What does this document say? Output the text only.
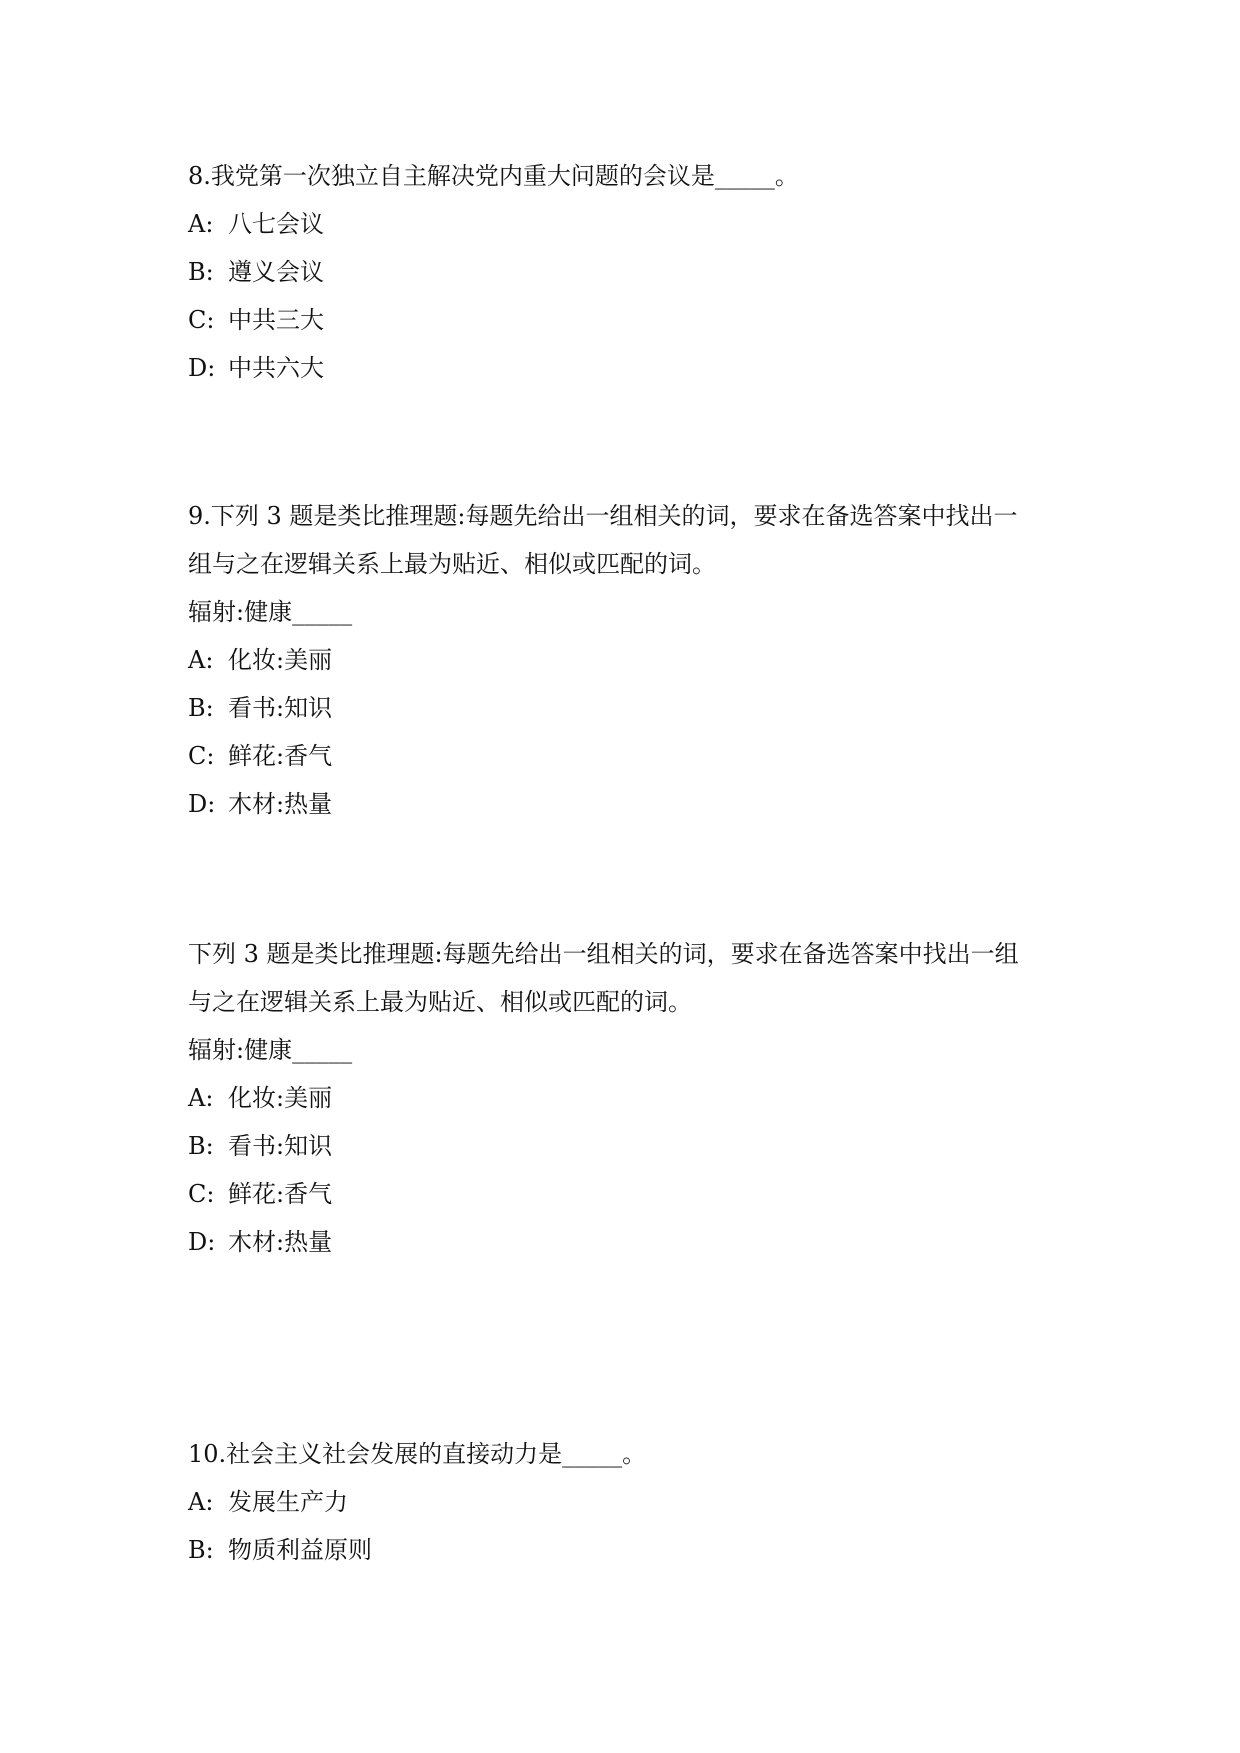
8.我党第一次独立自主解决党内重大问题的会议是_____。

A: 八七会议
B: 遵义会议
C: 中共三大
D: 中共六大

9.下列 3 题是类比推理题:每题先给出一组相关的词，要求在备选答案中找出一

组与之在逻辑关系上最为贴近、相似或匹配的词。

辐射:健康_____

A: 化妆:美丽
B: 看书:知识
C: 鲜花:香气
D: 木材:热量

下列 3 题是类比推理题:每题先给出一组相关的词，要求在备选答案中找出一组

与之在逻辑关系上最为贴近、相似或匹配的词。

辐射:健康_____

A: 化妆:美丽
B: 看书:知识
C: 鲜花:香气
D: 木材:热量

10.社会主义社会发展的直接动力是_____。

A: 发展生产力
B: 物质利益原则
